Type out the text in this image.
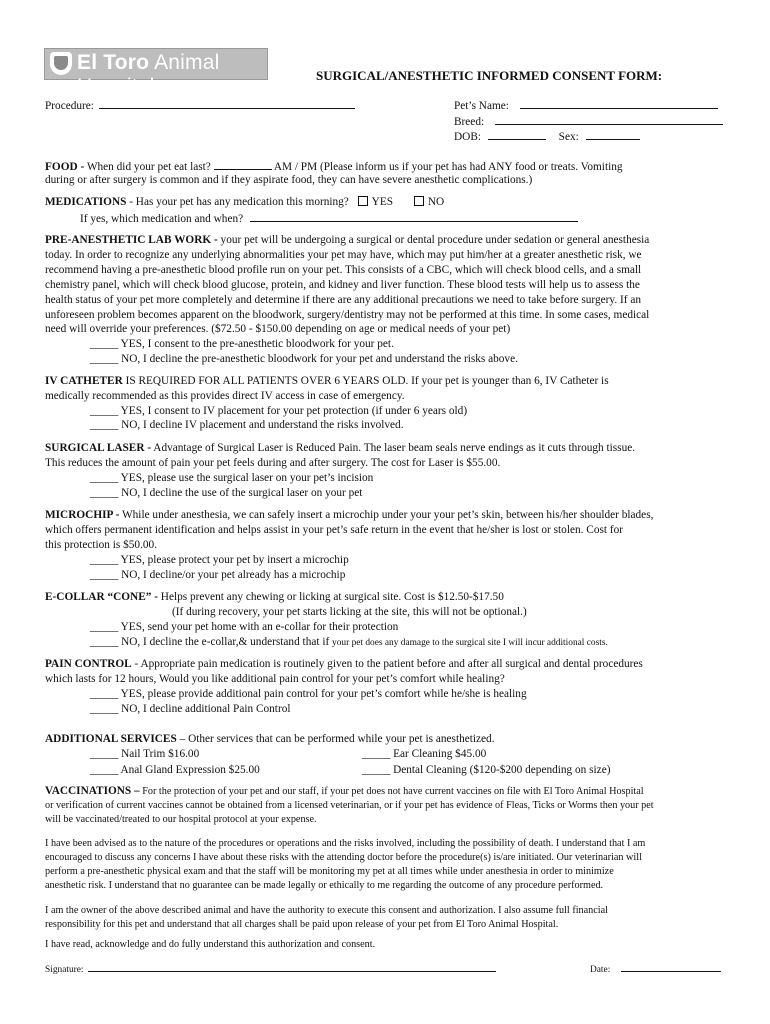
El Toro Animal Hospital	SURGICAL/ANESTHETIC INFORMED CONSENT FORM:
Procedure:	Pet’s Name:
Breed:
DOB:	Sex:
FOOD - When did your pet eat last?	AM / PM (Please inform us if your pet has had ANY food or treats. Vomiting
during or after surgery is common and if they aspirate food, they can have severe anesthetic complications.)
MEDICATIONS - Has your pet has any medication this morning? YES	NO
If yes, which medication and when?
PRE-ANESTHETIC LAB WORK - your pet will be undergoing a surgical or dental procedure under sedation or general anesthesia
today. In order to recognize any underlying abnormalities your pet may have, which may put him/her at a greater anesthetic risk, we
recommend having a pre-anesthetic blood profile run on your pet. This consists of a CBC, which will check blood cells, and a small
chemistry panel, which will check blood glucose, protein, and kidney and liver function. These blood tests will help us to assess the
health status of your pet more completely and determine if there are any additional precautions we need to take before surgery. If an
unforeseen problem becomes apparent on the bloodwork, surgery/dentistry may not be performed at this time. In some cases, medical
need will override your preferences. ($72.50 - $150.00 depending on age or medical needs of your pet)
_____ YES, I consent to the pre-anesthetic bloodwork for your pet.
_____ NO, I decline the pre-anesthetic bloodwork for your pet and understand the risks above.
IV CATHETER IS REQUIRED FOR ALL PATIENTS OVER 6 YEARS OLD. If your pet is younger than 6, IV Catheter is
medically recommended as this provides direct IV access in case of emergency.
_____ YES, I consent to IV placement for your pet protection (if under 6 years old)
_____ NO, I decline IV placement and understand the risks involved.
SURGICAL LASER - Advantage of Surgical Laser is Reduced Pain. The laser beam seals nerve endings as it cuts through tissue.
This reduces the amount of pain your pet feels during and after surgery. The cost for Laser is $55.00.
_____ YES, please use the surgical laser on your pet’s incision
_____ NO, I decline the use of the surgical laser on your pet
MICROCHIP - While under anesthesia, we can safely insert a microchip under your your pet’s skin, between his/her shoulder blades,
which offers permanent identification and helps assist in your pet’s safe return in the event that he/sher is lost or stolen. Cost for
this protection is $50.00.
_____ YES, please protect your pet by insert a microchip
_____ NO, I decline/or your pet already has a microchip
E-COLLAR “CONE” - Helps prevent any chewing or licking at surgical site. Cost is $12.50-$17.50
(If during recovery, your pet starts licking at the site, this will not be optional.)
_____ YES, send your pet home with an e-collar for their protection
_____ NO, I decline the e-collar,& understand that if your pet does any damage to the surgical site I will incur additional costs.
PAIN CONTROL - Appropriate pain medication is routinely given to the patient before and after all surgical and dental procedures
which lasts for 12 hours, Would you like additional pain control for your pet’s comfort while healing?
_____ YES, please provide additional pain control for your pet’s comfort while he/she is healing
_____ NO, I decline additional Pain Control
ADDITIONAL SERVICES – Other services that can be performed while your pet is anesthetized.
_____ Nail Trim $16.00	_____ Ear Cleaning $45.00
_____ Anal Gland Expression $25.00	_____ Dental Cleaning ($120-$200 depending on size)
VACCINATIONS – For the protection of your pet and our staff, if your pet does not have current vaccines on file with El Toro Animal Hospital
or verification of current vaccines cannot be obtained from a licensed veterinarian, or if your pet has evidence of Fleas, Ticks or Worms then your pet
will be vaccinated/treated to our hospital protocol at your expense.
I have been advised as to the nature of the procedures or operations and the risks involved, including the possibility of death. I understand that I am
encouraged to discuss any concerns I have about these risks with the attending doctor before the procedure(s) is/are initiated. Our veterinarian will
perform a pre-anesthetic physical exam and that the staff will be monitoring my pet at all times while under anesthesia in order to minimize
anesthetic risk. I understand that no guarantee can be made legally or ethically to me regarding the outcome of any procedure performed.
I am the owner of the above described animal and have the authority to execute this consent and authorization. I also assume full financial
responsibility for this pet and understand that all charges shall be paid upon release of your pet from El Toro Animal Hospital.
I have read, acknowledge and do fully understand this authorization and consent.
Signature:	Date:
